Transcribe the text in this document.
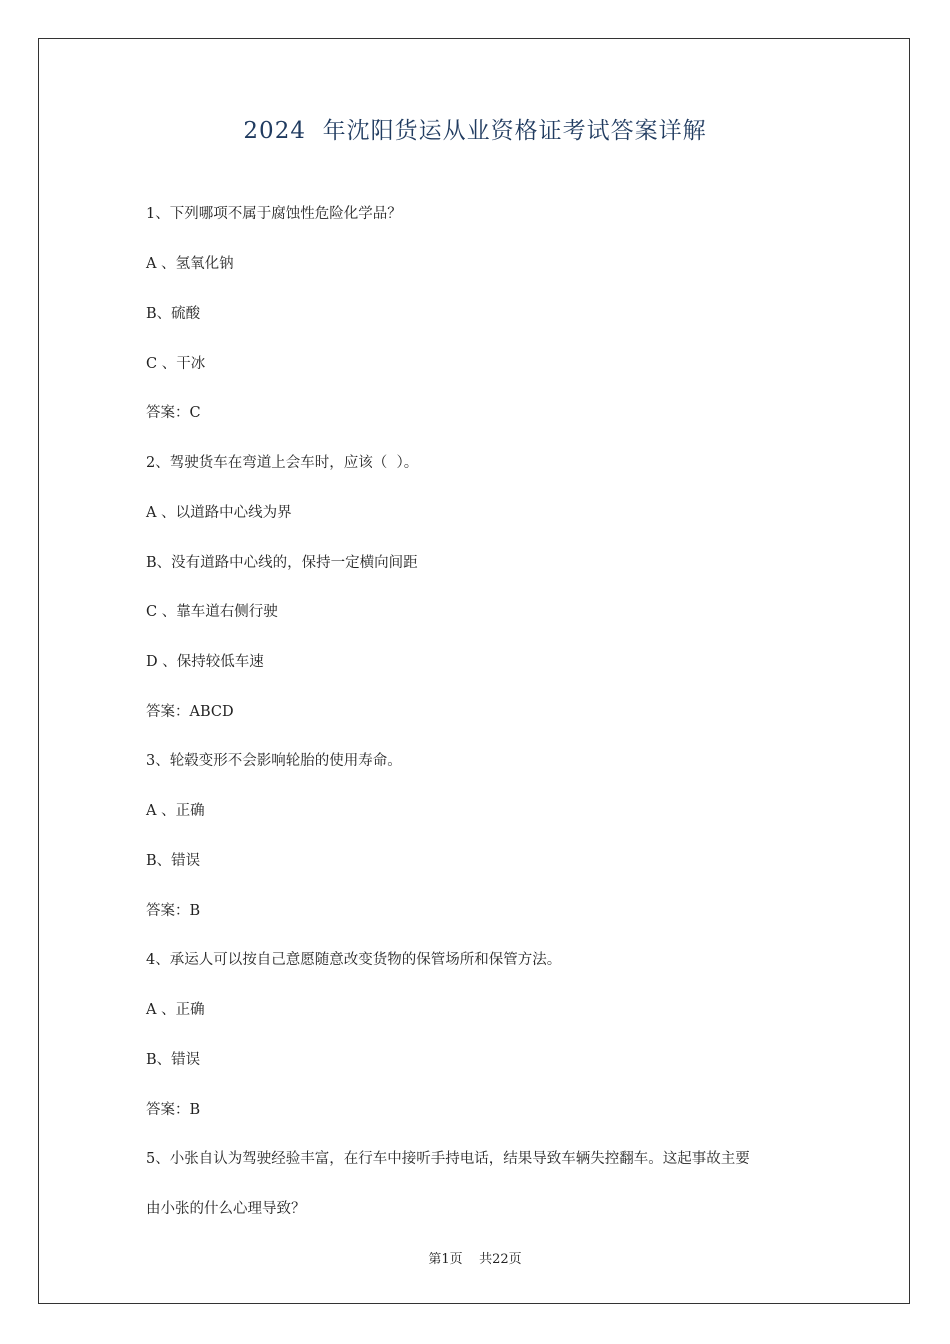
2024  年沈阳货运从业资格证考试答案详解
1、下列哪项不属于腐蚀性危险化学品？
A 、氢氧化钠
B、硫酸
C 、干冰
答案：C
2、驾驶货车在弯道上会车时，应该（  ）。
A 、以道路中心线为界
B、没有道路中心线的，保持一定横向间距
C 、靠车道右侧行驶
D 、保持较低车速
答案：ABCD
3、轮毂变形不会影响轮胎的使用寿命。
A 、正确
B、错误
答案：B
4、承运人可以按自己意愿随意改变货物的保管场所和保管方法。
A 、正确
B、错误
答案：B
5、小张自认为驾驶经验丰富，在行车中接听手持电话，结果导致车辆失控翻车。这起事故主要
由小张的什么心理导致？
第1页    共22页
